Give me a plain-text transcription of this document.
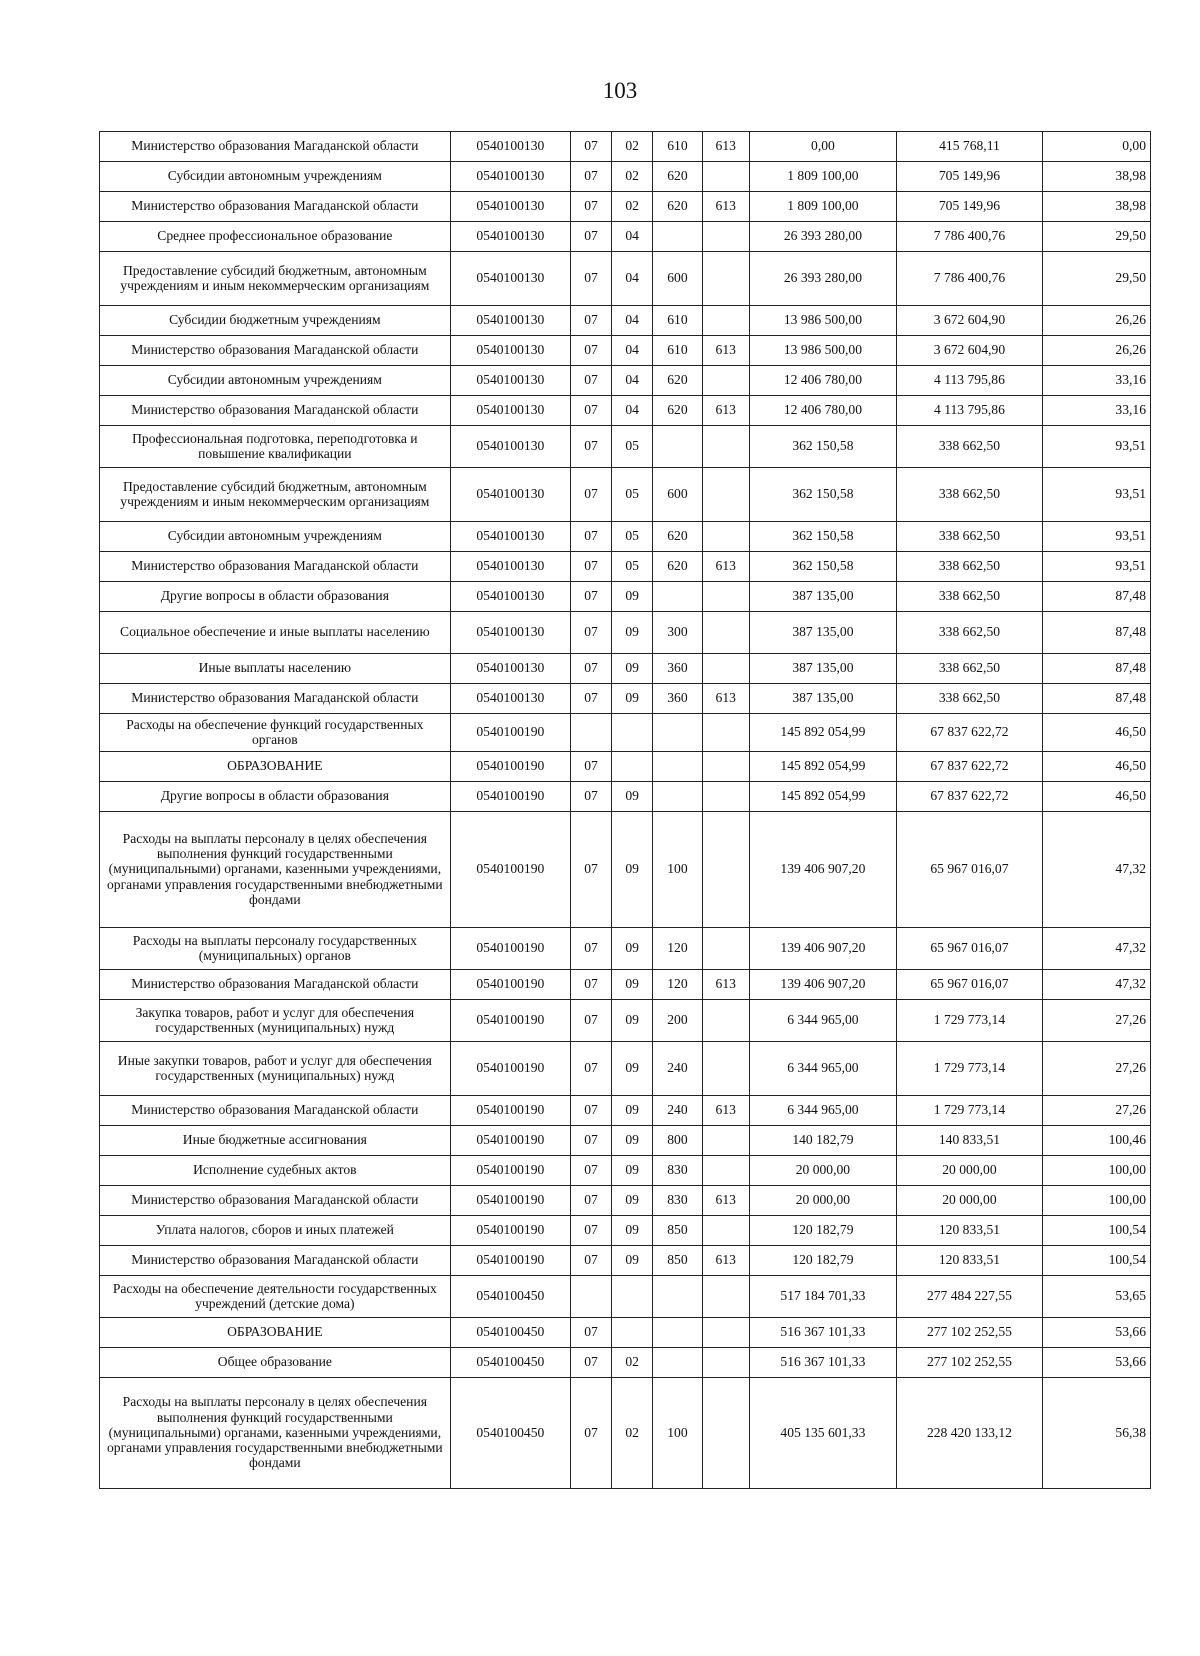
103
Министерство образования Магаданской области	0540100130	07	02	610	613	0,00	415 768,11	0,00
Субсидии автономным учреждениям	0540100130	07	02	620		1 809 100,00	705 149,96	38,98
Министерство образования Магаданской области	0540100130	07	02	620	613	1 809 100,00	705 149,96	38,98
Среднее профессиональное образование	0540100130	07	04			26 393 280,00	7 786 400,76	29,50
Предоставление субсидий бюджетным, автономным учреждениям и иным некоммерческим организациям	0540100130	07	04	600		26 393 280,00	7 786 400,76	29,50
Субсидии бюджетным учреждениям	0540100130	07	04	610		13 986 500,00	3 672 604,90	26,26
Министерство образования Магаданской области	0540100130	07	04	610	613	13 986 500,00	3 672 604,90	26,26
Субсидии автономным учреждениям	0540100130	07	04	620		12 406 780,00	4 113 795,86	33,16
Министерство образования Магаданской области	0540100130	07	04	620	613	12 406 780,00	4 113 795,86	33,16
Профессиональная подготовка, переподготовка и повышение квалификации	0540100130	07	05			362 150,58	338 662,50	93,51
Предоставление субсидий бюджетным, автономным учреждениям и иным некоммерческим организациям	0540100130	07	05	600		362 150,58	338 662,50	93,51
Субсидии автономным учреждениям	0540100130	07	05	620		362 150,58	338 662,50	93,51
Министерство образования Магаданской области	0540100130	07	05	620	613	362 150,58	338 662,50	93,51
Другие вопросы в области образования	0540100130	07	09			387 135,00	338 662,50	87,48
Социальное обеспечение и иные выплаты населению	0540100130	07	09	300		387 135,00	338 662,50	87,48
Иные выплаты населению	0540100130	07	09	360		387 135,00	338 662,50	87,48
Министерство образования Магаданской области	0540100130	07	09	360	613	387 135,00	338 662,50	87,48
Расходы на обеспечение функций государственных органов	0540100190					145 892 054,99	67 837 622,72	46,50
ОБРАЗОВАНИЕ	0540100190	07				145 892 054,99	67 837 622,72	46,50
Другие вопросы в области образования	0540100190	07	09			145 892 054,99	67 837 622,72	46,50
Расходы на выплаты персоналу в целях обеспечения выполнения функций государственными (муниципальными) органами, казенными учреждениями, органами управления государственными внебюджетными фондами	0540100190	07	09	100		139 406 907,20	65 967 016,07	47,32
Расходы на выплаты персоналу государственных (муниципальных) органов	0540100190	07	09	120		139 406 907,20	65 967 016,07	47,32
Министерство образования Магаданской области	0540100190	07	09	120	613	139 406 907,20	65 967 016,07	47,32
Закупка товаров, работ и услуг для обеспечения государственных (муниципальных) нужд	0540100190	07	09	200		6 344 965,00	1 729 773,14	27,26
Иные закупки товаров, работ и услуг для обеспечения государственных (муниципальных) нужд	0540100190	07	09	240		6 344 965,00	1 729 773,14	27,26
Министерство образования Магаданской области	0540100190	07	09	240	613	6 344 965,00	1 729 773,14	27,26
Иные бюджетные ассигнования	0540100190	07	09	800		140 182,79	140 833,51	100,46
Исполнение судебных актов	0540100190	07	09	830		20 000,00	20 000,00	100,00
Министерство образования Магаданской области	0540100190	07	09	830	613	20 000,00	20 000,00	100,00
Уплата налогов, сборов и иных платежей	0540100190	07	09	850		120 182,79	120 833,51	100,54
Министерство образования Магаданской области	0540100190	07	09	850	613	120 182,79	120 833,51	100,54
Расходы на обеспечение деятельности государственных учреждений (детские дома)	0540100450					517 184 701,33	277 484 227,55	53,65
ОБРАЗОВАНИЕ	0540100450	07				516 367 101,33	277 102 252,55	53,66
Общее образование	0540100450	07	02			516 367 101,33	277 102 252,55	53,66
Расходы на выплаты персоналу в целях обеспечения выполнения функций государственными (муниципальными) органами, казенными учреждениями, органами управления государственными внебюджетными фондами	0540100450	07	02	100		405 135 601,33	228 420 133,12	56,38
